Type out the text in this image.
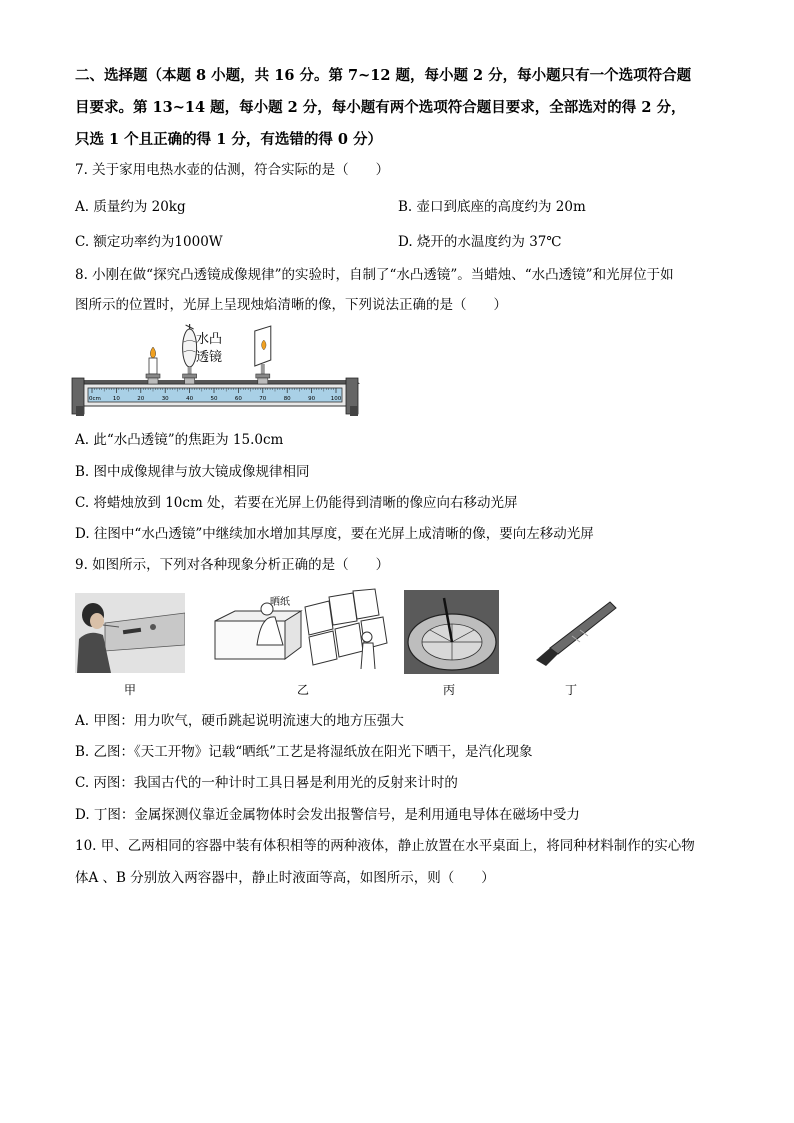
二、选择题（本题 8 小题，共 16 分。第 7~12 题，每小题 2 分，每小题只有一个选项符合题
目要求。第 13~14 题，每小题 2 分，每小题有两个选项符合题目要求，全部选对的得 2 分，
只选 1 个且正确的得 1 分，有选错的得 0 分）
7. 关于家用电热水壶的估测，符合实际的是（　　）
A. 质量约为 20kg	B. 壶口到底座的高度约为 20m
C. 额定功率约为1000W	D. 烧开的水温度约为 37℃
8. 小刚在做“探究凸透镜成像规律”的实验时，自制了“水凸透镜”。当蜡烛、“水凸透镜”和光屏位于如
图所示的位置时，光屏上呈现烛焰清晰的像，下列说法正确的是（　　）
0cm 10	20	30	40	50	60	70	80	90	100
水凸
透镜
A. 此“水凸透镜”的焦距为 15.0cm
B. 图中成像规律与放大镜成像规律相同
C. 将蜡烛放到 10cm 处，若要在光屏上仍能得到清晰的像应向右移动光屏
D. 往图中“水凸透镜”中继续加水增加其厚度，要在光屏上成清晰的像，要向左移动光屏
9. 如图所示，下列对各种现象分析正确的是（　　）
甲
晒纸
乙	丙	丁
A. 甲图：用力吹气，硬币跳起说明流速大的地方压强大
B. 乙图：《天工开物》记载“晒纸”工艺是将湿纸放在阳光下晒干，是汽化现象
C. 丙图：我国古代的一种计时工具日晷是利用光的反射来计时的
D. 丁图：金属探测仪靠近金属物体时会发出报警信号，是利用通电导体在磁场中受力
10. 甲、乙两相同的容器中装有体积相等的两种液体，静止放置在水平桌面上，将同种材料制作的实心物
体A 、B 分别放入两容器中，静止时液面等高，如图所示，则（　　）
